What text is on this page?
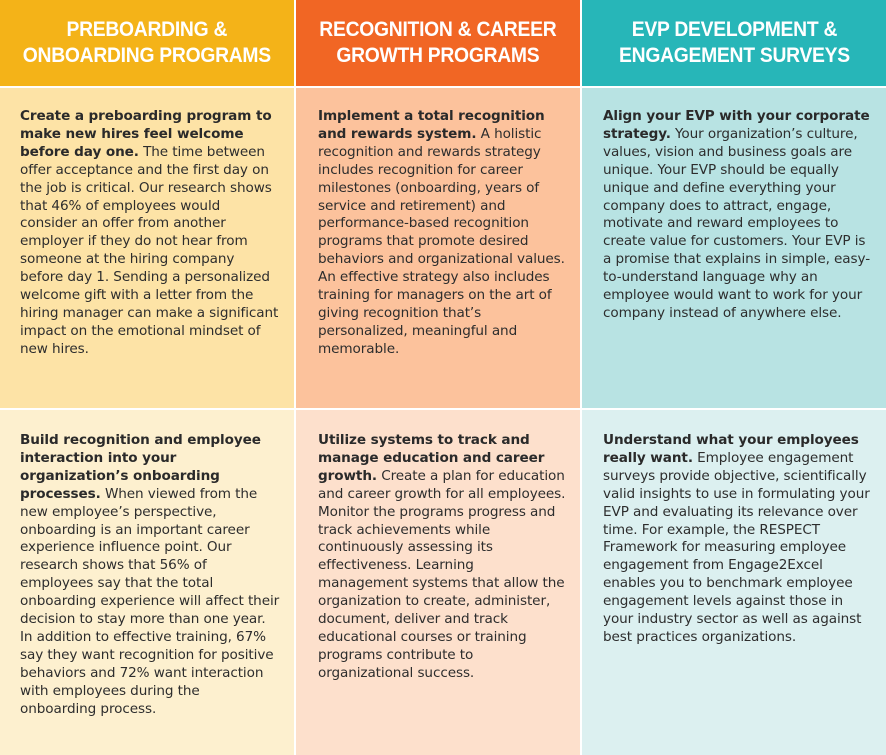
PREBOARDING &
ONBOARDING PROGRAMS
RECOGNITION & CAREER
GROWTH PROGRAMS
EVP DEVELOPMENT &
ENGAGEMENT SURVEYS
Create a preboarding program to make new hires feel welcome before day one. The time between offer acceptance and the first day on the job is critical. Our research shows that 46% of employees would consider an offer from another employer if they do not hear from someone at the hiring company before day 1. Sending a personalized welcome gift with a letter from the hiring manager can make a significant impact on the emotional mindset of new hires.
Implement a total recognition and rewards system. A holistic recognition and rewards strategy includes recognition for career milestones (onboarding, years of service and retirement) and performance-based recognition programs that promote desired behaviors and organizational values. An effective strategy also includes training for managers on the art of giving recognition that’s personalized, meaningful and memorable.
Align your EVP with your corporate strategy. Your organization’s culture, values, vision and business goals are unique. Your EVP should be equally unique and define everything your company does to attract, engage, motivate and reward employees to create value for customers. Your EVP is a promise that explains in simple, easy-to-understand language why an employee would want to work for your company instead of anywhere else.
Build recognition and employee interaction into your organization’s onboarding processes. When viewed from the new employee’s perspective, onboarding is an important career experience influence point. Our research shows that 56% of employees say that the total onboarding experience will affect their decision to stay more than one year. In addition to effective training, 67% say they want recognition for positive behaviors and 72% want interaction with employees during the onboarding process.
Utilize systems to track and manage education and career growth. Create a plan for education and career growth for all employees. Monitor the programs progress and track achievements while continuously assessing its effectiveness. Learning management systems that allow the organization to create, administer, document, deliver and track educational courses or training programs contribute to organizational success.
Understand what your employees really want. Employee engagement surveys provide objective, scientifically valid insights to use in formulating your EVP and evaluating its relevance over time. For example, the RESPECT Framework for measuring employee engagement from Engage2Excel enables you to benchmark employee engagement levels against those in your industry sector as well as against best practices organizations.
